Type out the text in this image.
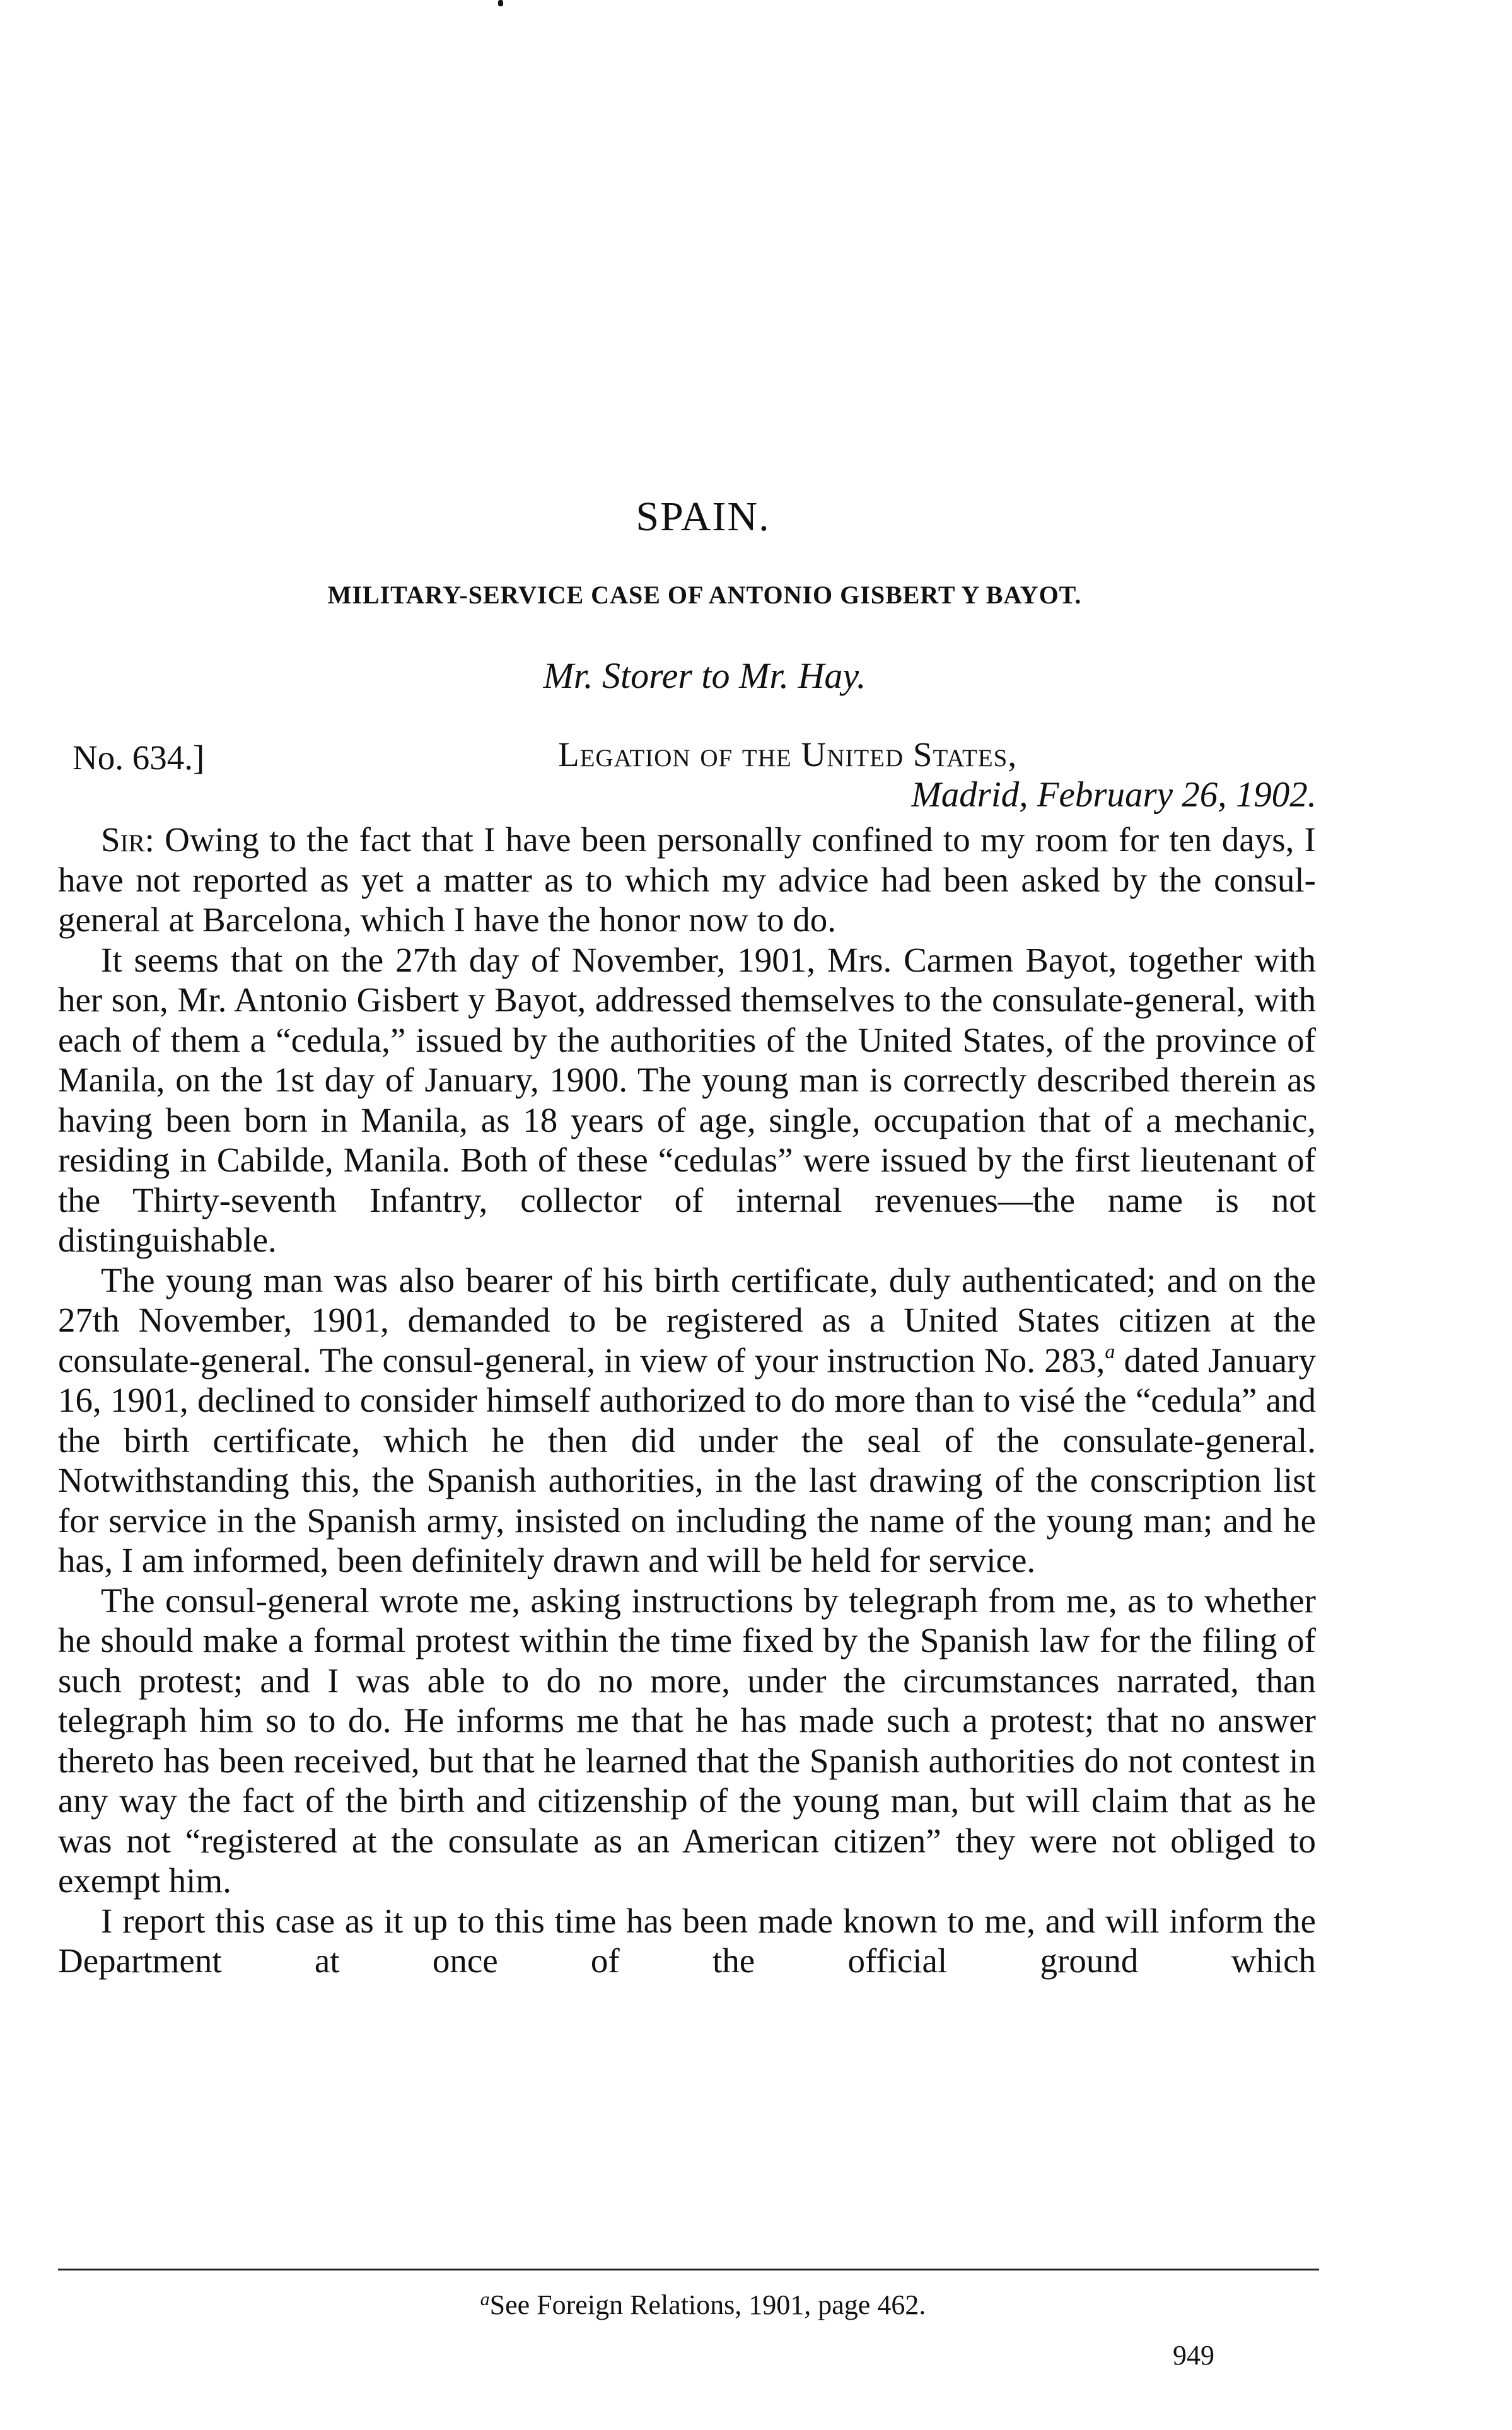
SPAIN.
MILITARY-SERVICE CASE OF ANTONIO GISBERT Y BAYOT.
Mr. Storer to Mr. Hay.
No. 634.]	Legation of the United States,
Madrid, February 26, 1902.

Sir: Owing to the fact that I have been personally confined to my room for ten days, I have not reported as yet a matter as to which my advice had been asked by the consul-general at Barcelona, which I have the honor now to do.

It seems that on the 27th day of November, 1901, Mrs. Carmen Bayot, together with her son, Mr. Antonio Gisbert y Bayot, addressed themselves to the consulate-general, with each of them a “cedula,” issued by the authorities of the United States, of the province of Manila, on the 1st day of January, 1900. The young man is correctly described therein as having been born in Manila, as 18 years of age, single, occupation that of a mechanic, residing in Cabilde, Manila. Both of these “cedulas” were issued by the first lieutenant of the Thirty-seventh Infantry, collector of internal revenues—the name is not distinguishable.

The young man was also bearer of his birth certificate, duly authenticated; and on the 27th November, 1901, demanded to be registered as a United States citizen at the consulate-general. The consul-general, in view of your instruction No. 283,$^a$ dated January 16, 1901, declined to consider himself authorized to do more than to visé the “cedula” and the birth certificate, which he then did under the seal of the consulate-general. Notwithstanding this, the Spanish authorities, in the last drawing of the conscription list for service in the Spanish army, insisted on including the name of the young man; and he has, I am informed, been definitely drawn and will be held for service.

The consul-general wrote me, asking instructions by telegraph from me, as to whether he should make a formal protest within the time fixed by the Spanish law for the filing of such protest; and I was able to do no more, under the circumstances narrated, than telegraph him so to do. He informs me that he has made such a protest; that no answer thereto has been received, but that he learned that the Spanish authorities do not contest in any way the fact of the birth and citizenship of the young man, but will claim that as he was not “registered at the consulate as an American citizen” they were not obliged to exempt him.

I report this case as it up to this time has been made known to me, and will inform the Department at once of the official ground which

$^a$See Foreign Relations, 1901, page 462.
949
